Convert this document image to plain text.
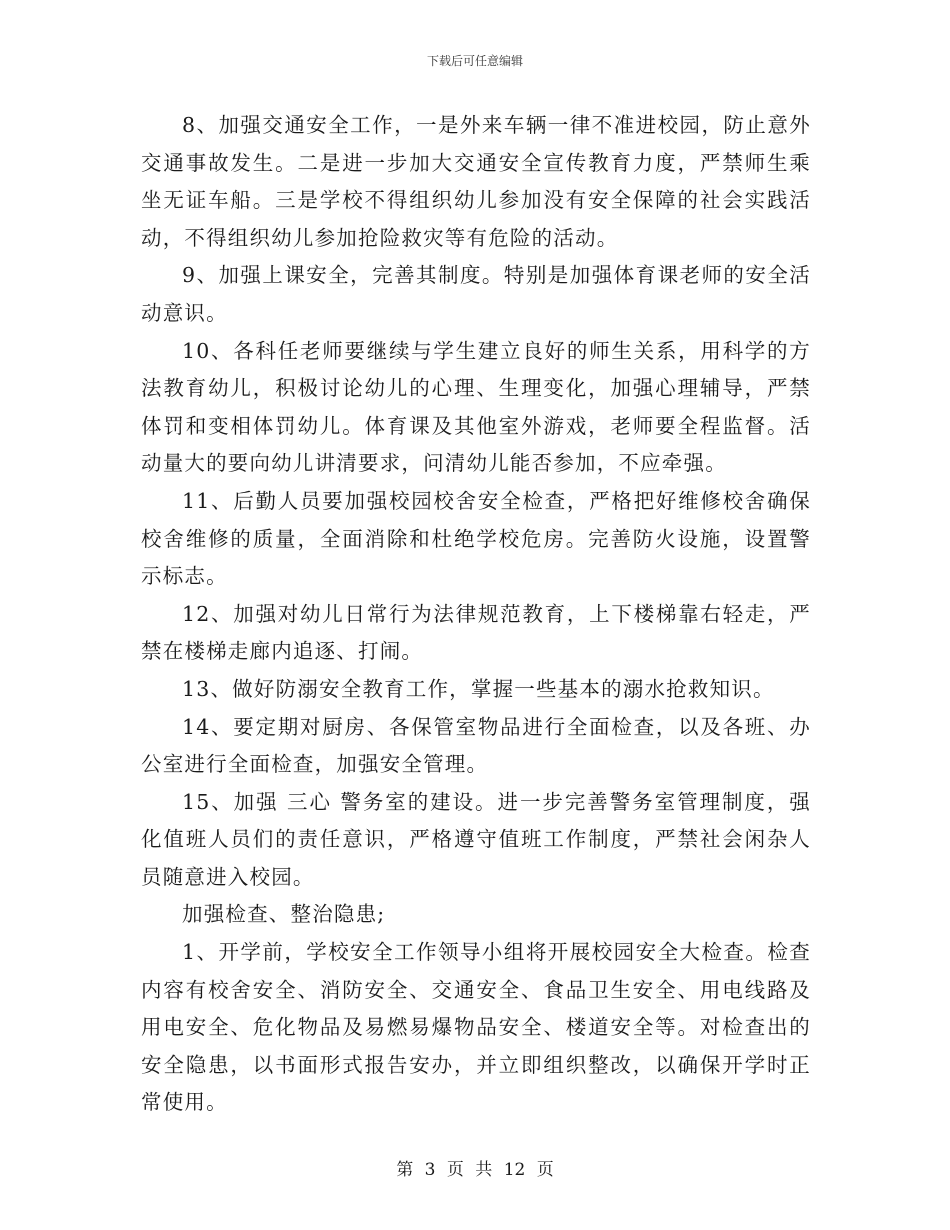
下载后可任意编辑

8、加强交通安全工作，一是外来车辆一律不准进校园，防止意外交通事故发生。二是进一步加大交通安全宣传教育力度，严禁师生乘坐无证车船。三是学校不得组织幼儿参加没有安全保障的社会实践活动，不得组织幼儿参加抢险救灾等有危险的活动。

9、加强上课安全，完善其制度。特别是加强体育课老师的安全活动意识。

10、各科任老师要继续与学生建立良好的师生关系，用科学的方法教育幼儿，积极讨论幼儿的心理、生理变化，加强心理辅导，严禁体罚和变相体罚幼儿。体育课及其他室外游戏，老师要全程监督。活动量大的要向幼儿讲清要求，问清幼儿能否参加，不应牵强。

11、后勤人员要加强校园校舍安全检查，严格把好维修校舍确保校舍维修的质量，全面消除和杜绝学校危房。完善防火设施，设置警示标志。

12、加强对幼儿日常行为法律规范教育，上下楼梯靠右轻走，严禁在楼梯走廊内追逐、打闹。

13、做好防溺安全教育工作，掌握一些基本的溺水抢救知识。

14、要定期对厨房、各保管室物品进行全面检查，以及各班、办公室进行全面检查，加强安全管理。

15、加强 三心 警务室的建设。进一步完善警务室管理制度，强化值班人员们的责任意识，严格遵守值班工作制度，严禁社会闲杂人员随意进入校园。

加强检查、整治隐患;

1、开学前，学校安全工作领导小组将开展校园安全大检查。检查内容有校舍安全、消防安全、交通安全、食品卫生安全、用电线路及用电安全、危化物品及易燃易爆物品安全、楼道安全等。对检查出的安全隐患，以书面形式报告安办，并立即组织整改，以确保开学时正常使用。

第 3 页 共 12 页
